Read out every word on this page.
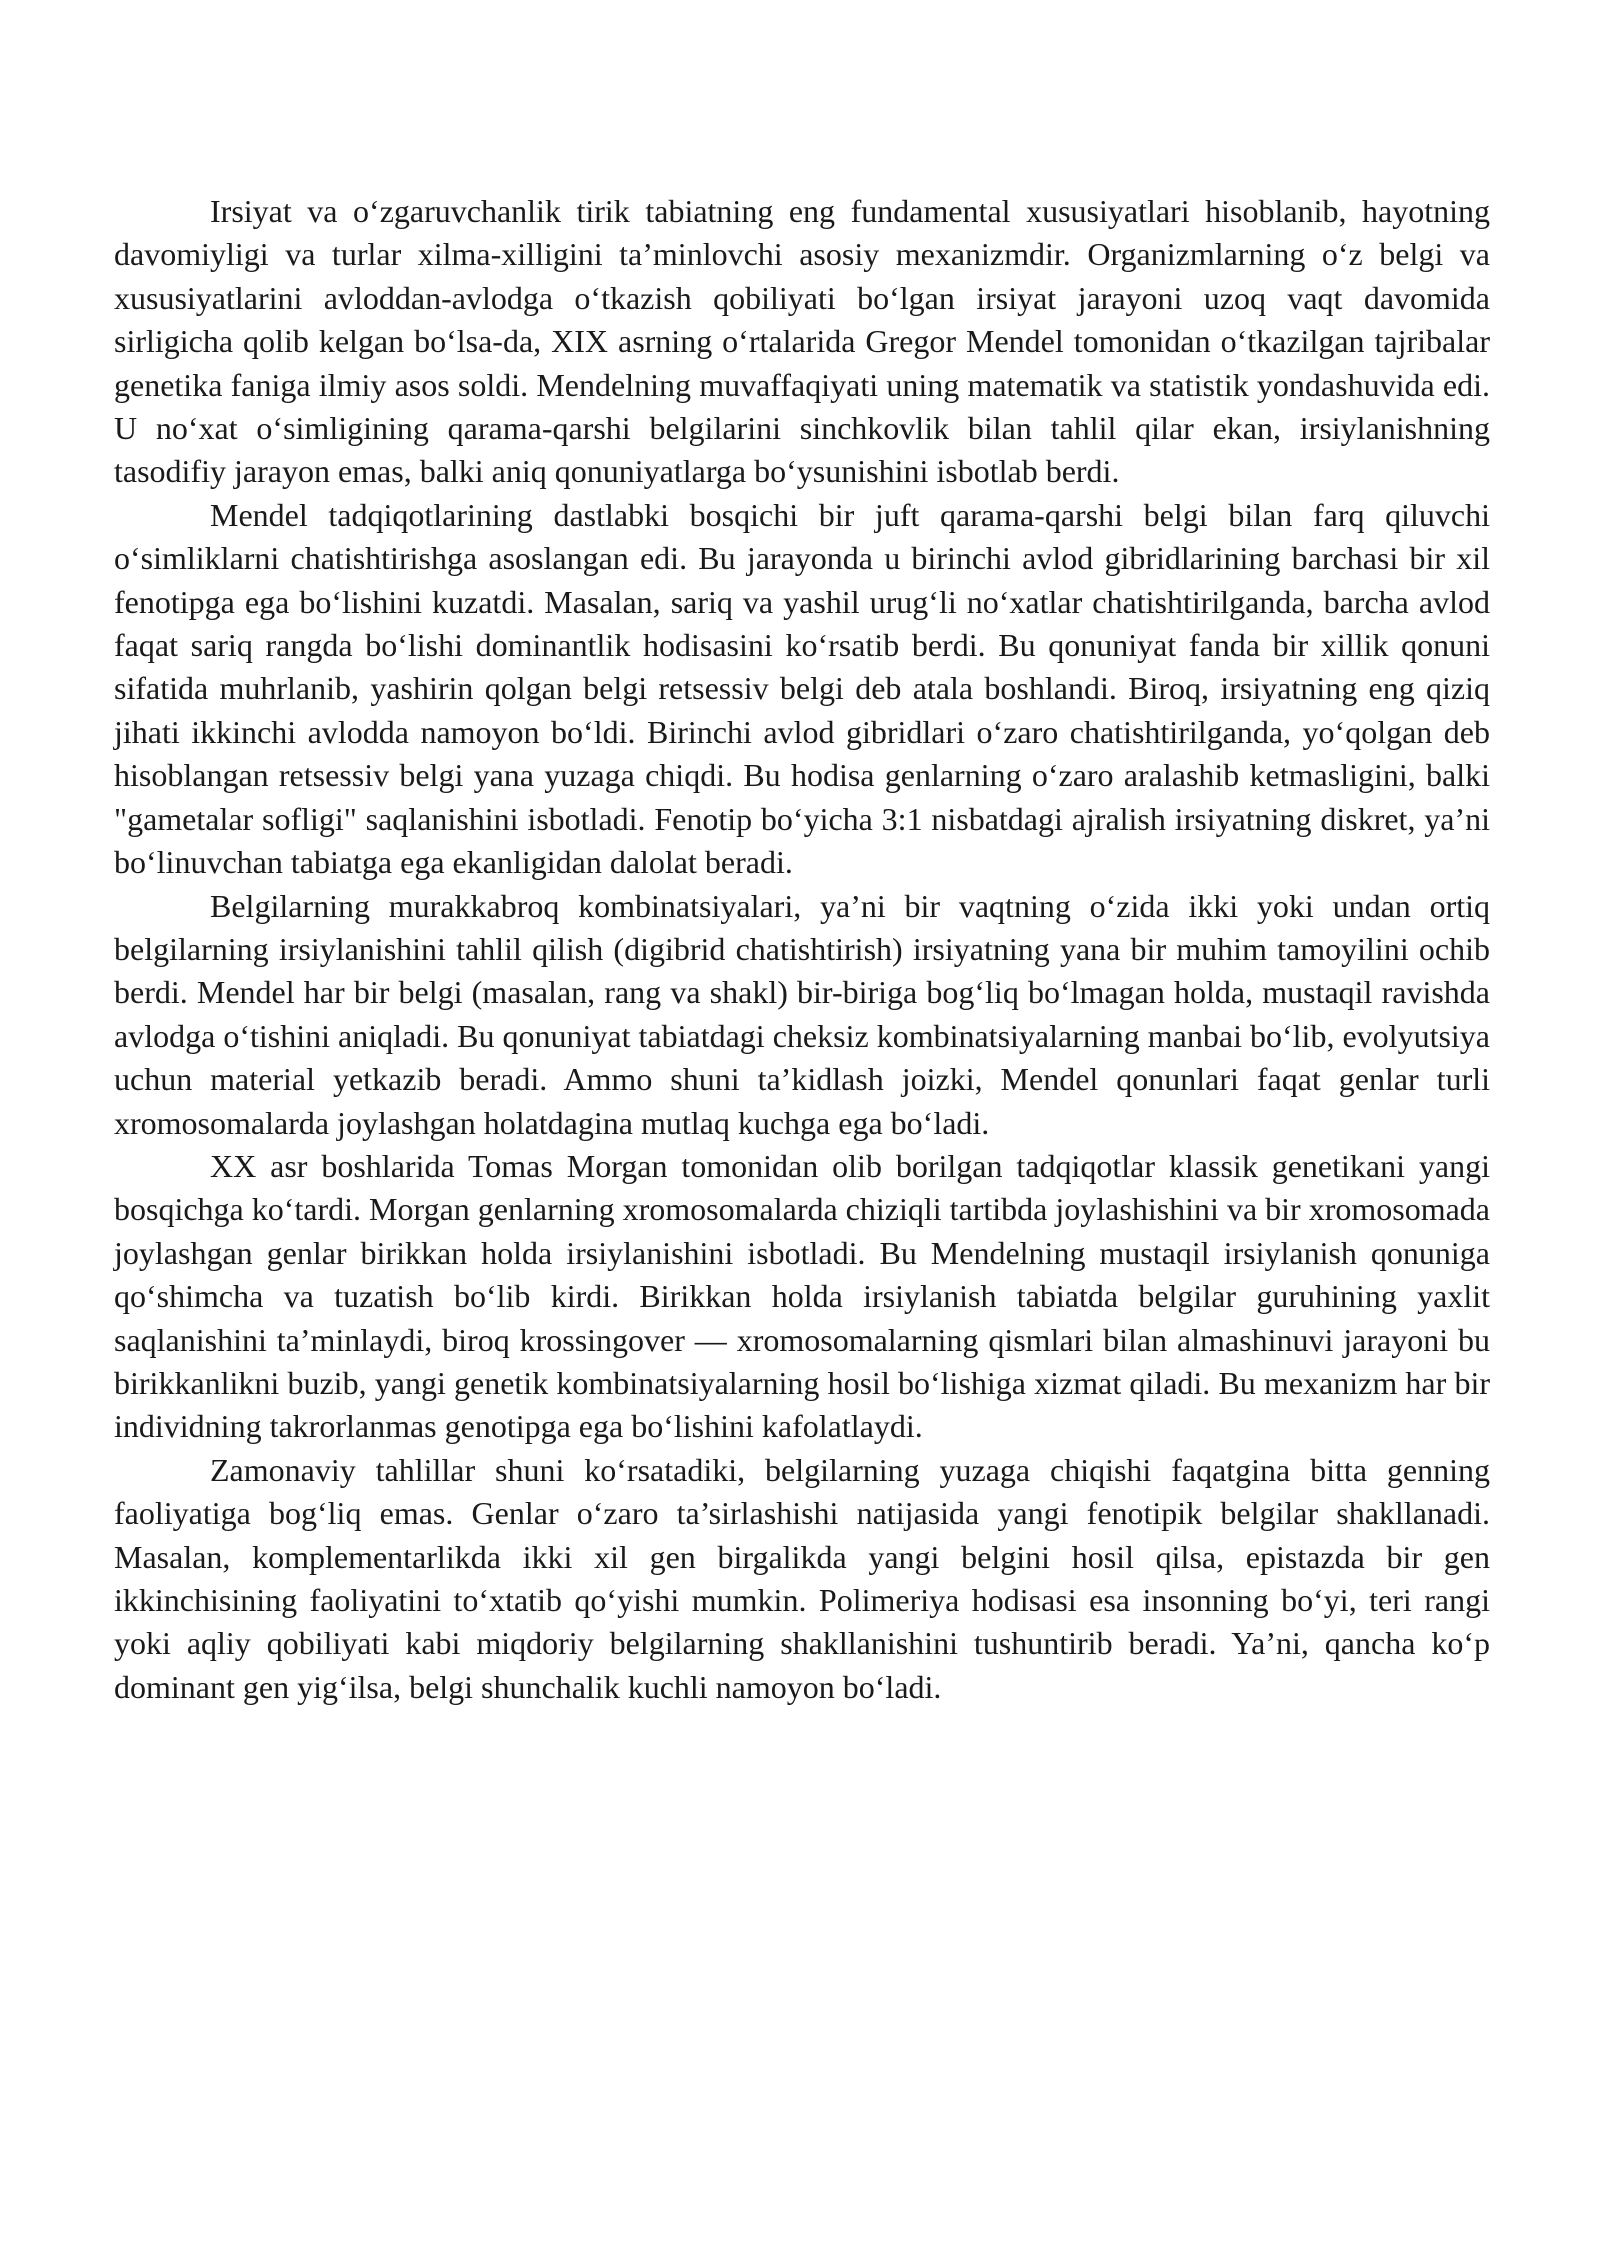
Irsiyat va o‘zgaruvchanlik tirik tabiatning eng fundamental xususiyatlari hisoblanib, hayotning davomiyligi va turlar xilma-xilligini ta’minlovchi asosiy mexanizmdir. Organizmlarning o‘z belgi va xususiyatlarini avloddan-avlodga o‘tkazish qobiliyati bo‘lgan irsiyat jarayoni uzoq vaqt davomida sirligicha qolib kelgan bo‘lsa-da, XIX asrning o‘rtalarida Gregor Mendel tomonidan o‘tkazilgan tajribalar genetika faniga ilmiy asos soldi. Mendelning muvaffaqiyati uning matematik va statistik yondashuvida edi. U no‘xat o‘simligining qarama-qarshi belgilarini sinchkovlik bilan tahlil qilar ekan, irsiylanishning tasodifiy jarayon emas, balki aniq qonuniyatlarga bo‘ysunishini isbotlab berdi.

Mendel tadqiqotlarining dastlabki bosqichi bir juft qarama-qarshi belgi bilan farq qiluvchi o‘simliklarni chatishtirishga asoslangan edi. Bu jarayonda u birinchi avlod gibridlarining barchasi bir xil fenotipga ega bo‘lishini kuzatdi. Masalan, sariq va yashil urug‘li no‘xatlar chatishtirilganda, barcha avlod faqat sariq rangda bo‘lishi dominantlik hodisasini ko‘rsatib berdi. Bu qonuniyat fanda bir xillik qonuni sifatida muhrlanib, yashirin qolgan belgi retsessiv belgi deb atala boshlandi. Biroq, irsiyatning eng qiziq jihati ikkinchi avlodda namoyon bo‘ldi. Birinchi avlod gibridlari o‘zaro chatishtirilganda, yo‘qolgan deb hisoblangan retsessiv belgi yana yuzaga chiqdi. Bu hodisa genlarning o‘zaro aralashib ketmasligini, balki "gametalar sofligi" saqlanishini isbotladi. Fenotip bo‘yicha 3:1 nisbatdagi ajralish irsiyatning diskret, ya’ni bo‘linuvchan tabiatga ega ekanligidan dalolat beradi.

Belgilarning murakkabroq kombinatsiyalari, ya’ni bir vaqtning o‘zida ikki yoki undan ortiq belgilarning irsiylanishini tahlil qilish (digibrid chatishtirish) irsiyatning yana bir muhim tamoyilini ochib berdi. Mendel har bir belgi (masalan, rang va shakl) bir-biriga bog‘liq bo‘lmagan holda, mustaqil ravishda avlodga o‘tishini aniqladi. Bu qonuniyat tabiatdagi cheksiz kombinatsiyalarning manbai bo‘lib, evolyutsiya uchun material yetkazib beradi. Ammo shuni ta’kidlash joizki, Mendel qonunlari faqat genlar turli xromosomalarda joylashgan holatdagina mutlaq kuchga ega bo‘ladi.

XX asr boshlarida Tomas Morgan tomonidan olib borilgan tadqiqotlar klassik genetikani yangi bosqichga ko‘tardi. Morgan genlarning xromosomalarda chiziqli tartibda joylashishini va bir xromosomada joylashgan genlar birikkan holda irsiylanishini isbotladi. Bu Mendelning mustaqil irsiylanish qonuniga qo‘shimcha va tuzatish bo‘lib kirdi. Birikkan holda irsiylanish tabiatda belgilar guruhining yaxlit saqlanishini ta’minlaydi, biroq krossingover — xromosomalarning qismlari bilan almashinuvi jarayoni bu birikkanlikni buzib, yangi genetik kombinatsiyalarning hosil bo‘lishiga xizmat qiladi. Bu mexanizm har bir individning takrorlanmas genotipga ega bo‘lishini kafolatlaydi.

Zamonaviy tahlillar shuni ko‘rsatadiki, belgilarning yuzaga chiqishi faqatgina bitta genning faoliyatiga bog‘liq emas. Genlar o‘zaro ta’sirlashishi natijasida yangi fenotipik belgilar shakllanadi. Masalan, komplementarlikda ikki xil gen birgalikda yangi belgini hosil qilsa, epistazda bir gen ikkinchisining faoliyatini to‘xtatib qo‘yishi mumkin. Polimeriya hodisasi esa insonning bo‘yi, teri rangi yoki aqliy qobiliyati kabi miqdoriy belgilarning shakllanishini tushuntirib beradi. Ya’ni, qancha ko‘p dominant gen yig‘ilsa, belgi shunchalik kuchli namoyon bo‘ladi.
